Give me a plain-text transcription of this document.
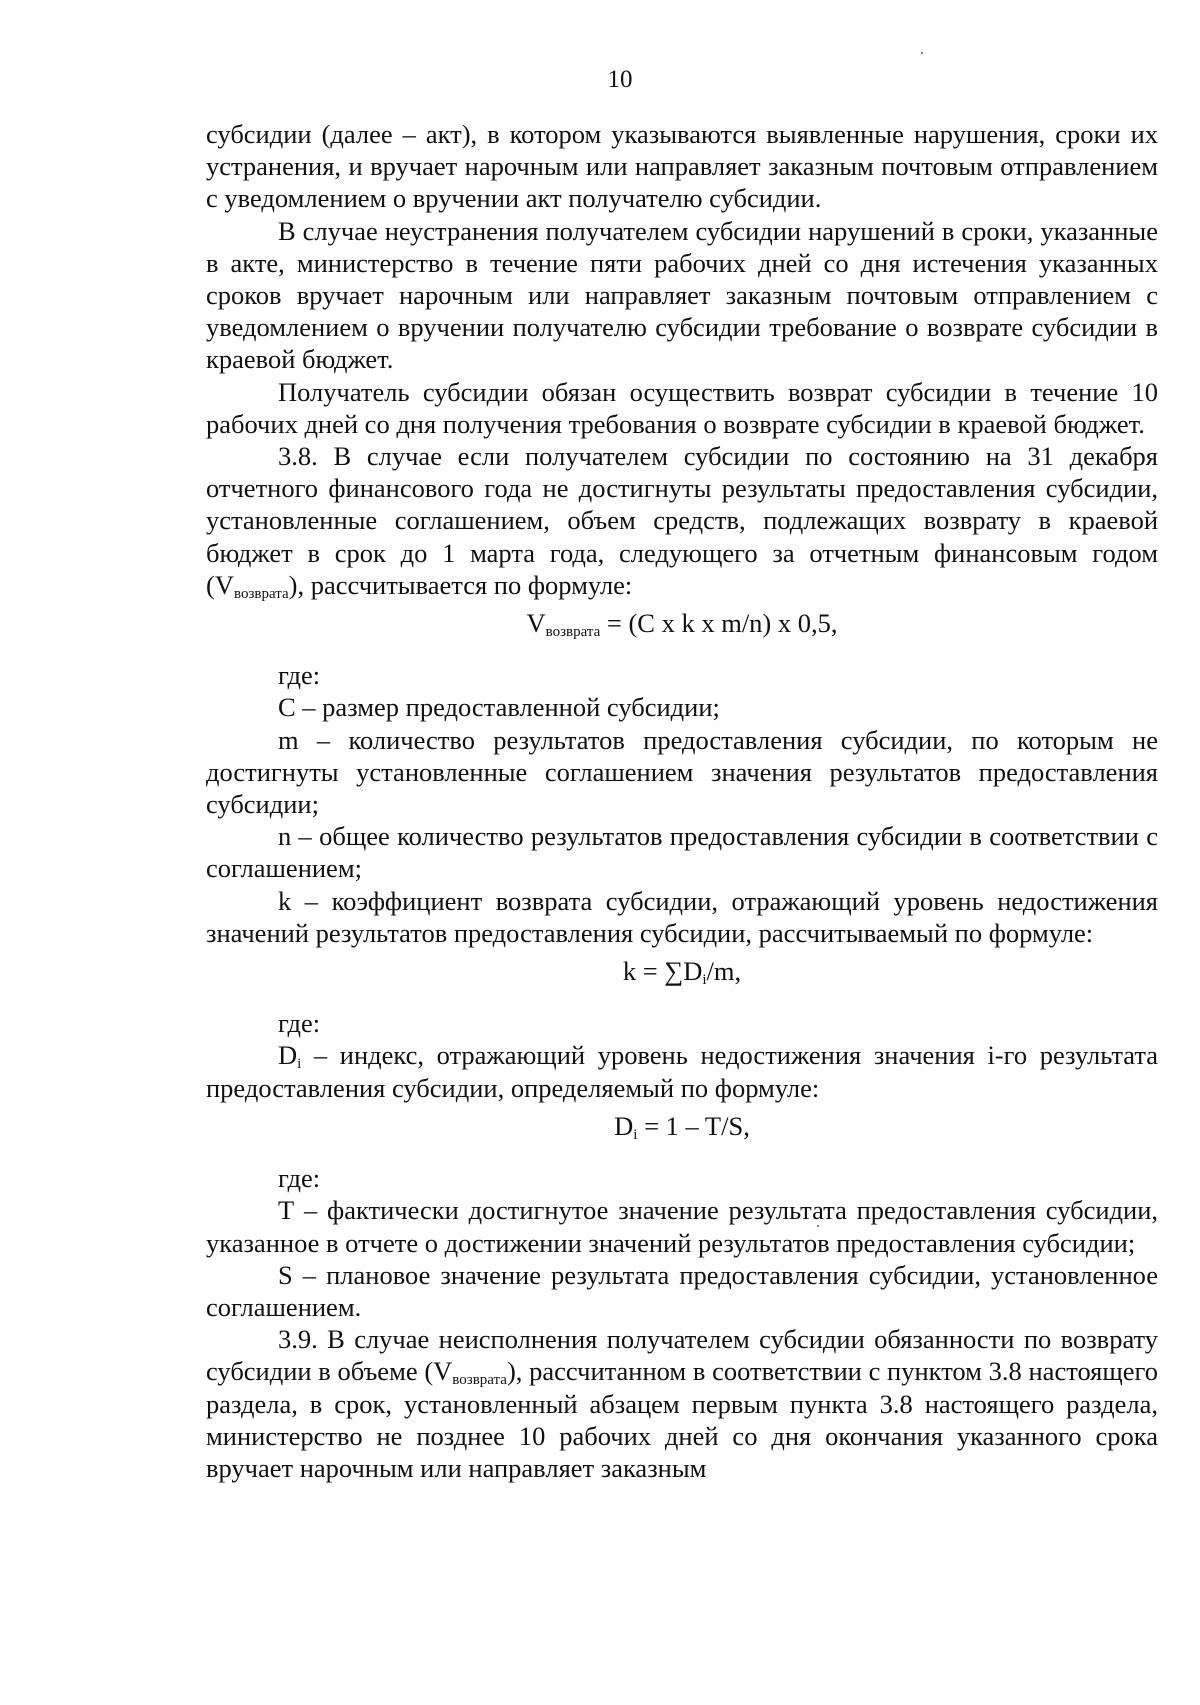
10

субсидии (далее – акт), в котором указываются выявленные нарушения, сроки их устранения, и вручает нарочным или направляет заказным почтовым отправлением с уведомлением о вручении акт получателю субсидии.

В случае неустранения получателем субсидии нарушений в сроки, указанные в акте, министерство в течение пяти рабочих дней со дня истечения указанных сроков вручает нарочным или направляет заказным почтовым отправлением с уведомлением о вручении получателю субсидии требование о возврате субсидии в краевой бюджет.

Получатель субсидии обязан осуществить возврат субсидии в течение 10 рабочих дней со дня получения требования о возврате субсидии в краевой бюджет.

3.8. В случае если получателем субсидии по состоянию на 31 декабря отчетного финансового года не достигнуты результаты предоставления субсидии, установленные соглашением, объем средств, подлежащих возврату в краевой бюджет в срок до 1 марта года, следующего за отчетным финансовым годом $(V_{возврата})$, рассчитывается по формуле:

$V_{возврата} = (C$ x k x m/n) x 0,5,

где:

С – размер предоставленной субсидии;

m – количество результатов предоставления субсидии, по которым не достигнуты установленные соглашением значения результатов предоставления субсидии;

n – общее количество результатов предоставления субсидии в соответствии с соглашением;

k – коэффициент возврата субсидии, отражающий уровень недостижения значений результатов предоставления субсидии, рассчитываемый по формуле:

$k = \sum D_i/m$,

где:

$D_i$ – индекс, отражающий уровень недостижения значения i-го результата предоставления субсидии, определяемый по формуле:

$D_i = 1 - T/S$,

где:

Т – фактически достигнутое значение результата предоставления субсидии, указанное в отчете о достижении значений результатов предоставления субсидии;

S – плановое значение результата предоставления субсидии, установленное соглашением.

3.9. В случае неисполнения получателем субсидии обязанности по возврату субсидии в объеме $(V_{возврата})$, рассчитанном в соответствии с пунктом 3.8 настоящего раздела, в срок, установленный абзацем первым пункта 3.8 настоящего раздела, министерство не позднее 10 рабочих дней со дня окончания указанного срока вручает нарочным или направляет заказным
